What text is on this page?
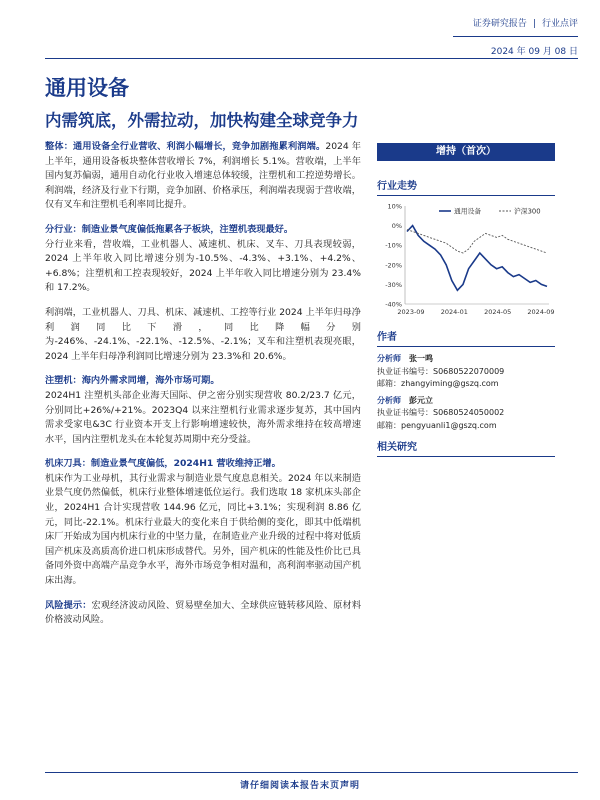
证券研究报告 | 行业点评
2024 年 09 月 08 日
通用设备
内需筑底，外需拉动，加快构建全球竞争力

整体：通用设备全行业营收、利润小幅增长，竞争加剧拖累利润端。2024 年上半年，通用设备板块整体营收增长 7%，利润增长 5.1%。营收端，上半年国内复苏偏弱，通用自动化行业收入增速总体较缓，注塑机和工控逆势增长。利润端，经济及行业下行期，竞争加剧、价格承压，利润端表现弱于营收端，仅有叉车和注塑机毛利率同比提升。

分行业：制造业景气度偏低拖累各子板块，注塑机表现最好。
分行业来看，营收端，工业机器人、减速机、机床、叉车、刀具表现较弱，2024 上半年收入同比增速分别为-10.5%、-4.3%、+3.1%、+4.2%、+6.8%；注塑机和工控表现较好，2024 上半年收入同比增速分别为 23.4%和 17.2%。

利润端，工业机器人、刀具、机床、减速机、工控等行业 2024 上半年归母净利润同比下滑，同比降幅分别为-246%、-24.1%、-22.1%、-12.5%、-2.1%；叉车和注塑机表现亮眼，2024 上半年归母净利润同比增速分别为 23.3%和 20.6%。

注塑机：海内外需求同增，海外市场可期。
2024H1 注塑机头部企业海天国际、伊之密分别实现营收 80.2/23.7 亿元，分别同比+26%/+21%。2023Q4 以来注塑机行业需求逐步复苏，其中国内需求受家电&3C 行业资本开支上行影响增速较快，海外需求维持在较高增速水平，国内注塑机龙头在本轮复苏周期中充分受益。

机床刀具：制造业景气度偏低，2024H1 营收维持正增。
机床作为工业母机，其行业需求与制造业景气度息息相关。2024 年以来制造业景气度仍然偏低，机床行业整体增速低位运行。我们选取 18 家机床头部企业，2024H1 合计实现营收 144.96 亿元，同比+3.1%；实现利润 8.86 亿元，同比-22.1%。机床行业最大的变化来自于供给侧的变化，即其中低端机床厂开始成为国内机床行业的中坚力量，在制造业产业升级的过程中将对低质国产机床及高质高价进口机床形成替代。另外，国产机床的性能及性价比已具备同外资中高端产品竞争水平，海外市场竞争相对温和，高利润率驱动国产机床出海。

风险提示：宏观经济波动风险、贸易壁垒加大、全球供应链转移风险、原材料价格波动风险。

增持（首次）
行业走势
10%
0%
-10%
-20%
-30%
-40%
2023-09 2024-01 2024-05 2024-09
通用设备	沪深300
作者
分析师 张一鸣
执业证书编号：S0680522070009
邮箱：zhangyiming@gszq.com
分析师 彭元立
执业证书编号：S0680524050002
邮箱：pengyuanli1@gszq.com
相关研究
请仔细阅读本报告末页声明
